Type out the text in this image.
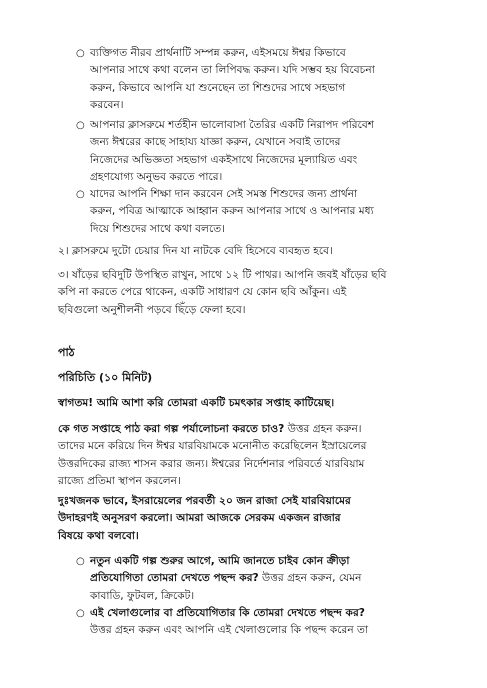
○ ব্যক্তিগত নীরব প্রার্থনাটি সম্পন্ন করুন, এইসময়ে ঈশ্বর কিভাবে
আপনার সাথে কথা বলেন তা লিপিবদ্ধ করুন। যদি সম্ভব হয় বিবেচনা
করুন, কিভাবে আপনি যা শুনেছেন তা শিশুদের সাথে সহভাগ
করবেন।
○ আপনার ক্লাসরুমে শর্তহীন ভালোবাসা তৈরির একটি নিরাপদ পরিবেশ
জন্য ঈশ্বরের কাছে সাহায্য যাজ্ঞা করুন, যেখানে সবাই তাদের
নিজেদের অভিজ্ঞতা সহভাগ একইসাথে নিজেদের মূল্যায়িত এবং
গ্রহণযোগ্য অনুভব করতে পারে।
○ যাদের আপনি শিক্ষা দান করবেন সেই সমস্ত শিশুদের জন্য প্রার্থনা
করুন, পবিত্র আত্মাকে আহ্বান করুন আপনার সাথে ও আপনার মধ্য
দিয়ে শিশুদের সাথে কথা বলতে।
২। ক্লাসরুমে দুটো চেয়ার দিন যা নাটকে বেদি হিসেবে ব্যবহৃত হবে।
৩। ষাঁড়ের ছবিদুটি উপস্থিত রাখুন, সাথে ১২ টি পাথর। আপনি জবই ষাঁড়ের ছবি
কপি না করতে পেরে থাকেন, একটি সাধারণ যে কোন ছবি আঁকুন। এই
ছবিগুলো অনুশীলনী পড়বে ছিঁড়ে ফেলা হবে।
পাঠ
পরিচিতি (১০ মিনিট)
স্বাগতম! আমি আশা করি তোমরা একটি চমৎকার সপ্তাহ কাটিয়েছ।
কে গত সপ্তাহে পাঠ করা গল্প পর্যালোচনা করতে চাও? উত্তর গ্রহন করুন।
তাদের মনে করিয়ে দিন ঈশ্বর যারবিয়ামকে মনোনীত করেছিলেন ইস্রায়েলের
উত্তরদিকের রাজ্য শাসন করার জন্য। ঈশ্বরের নির্দেশনার পরিবর্তে যারবিয়াম
রাজ্যে প্রতিমা স্থাপন করলেন।
দুঃখজনক ভাবে, ইসরায়েলের পরবর্তী ২০ জন রাজা সেই যারবিয়ামের
উদাহরণই অনুসরণ করলো। আমরা আজকে সেরকম একজন রাজার
বিষয়ে কথা বলবো।
○ নতুন একটি গল্প শুরুর আগে, আমি জানতে চাইব কোন ক্রীড়া
প্রতিযোগিতা তোমরা দেখতে পছন্দ কর? উত্তর গ্রহন করুন, যেমন
কাবাডি, ফুটবল, ক্রিকেট।
○ এই খেলাগুলোর বা প্রতিযোগিতার কি তোমরা দেখতে পছন্দ কর?
উত্তর গ্রহন করুন এবং আপনি এই খেলাগুলোর কি পছন্দ করেন তা
